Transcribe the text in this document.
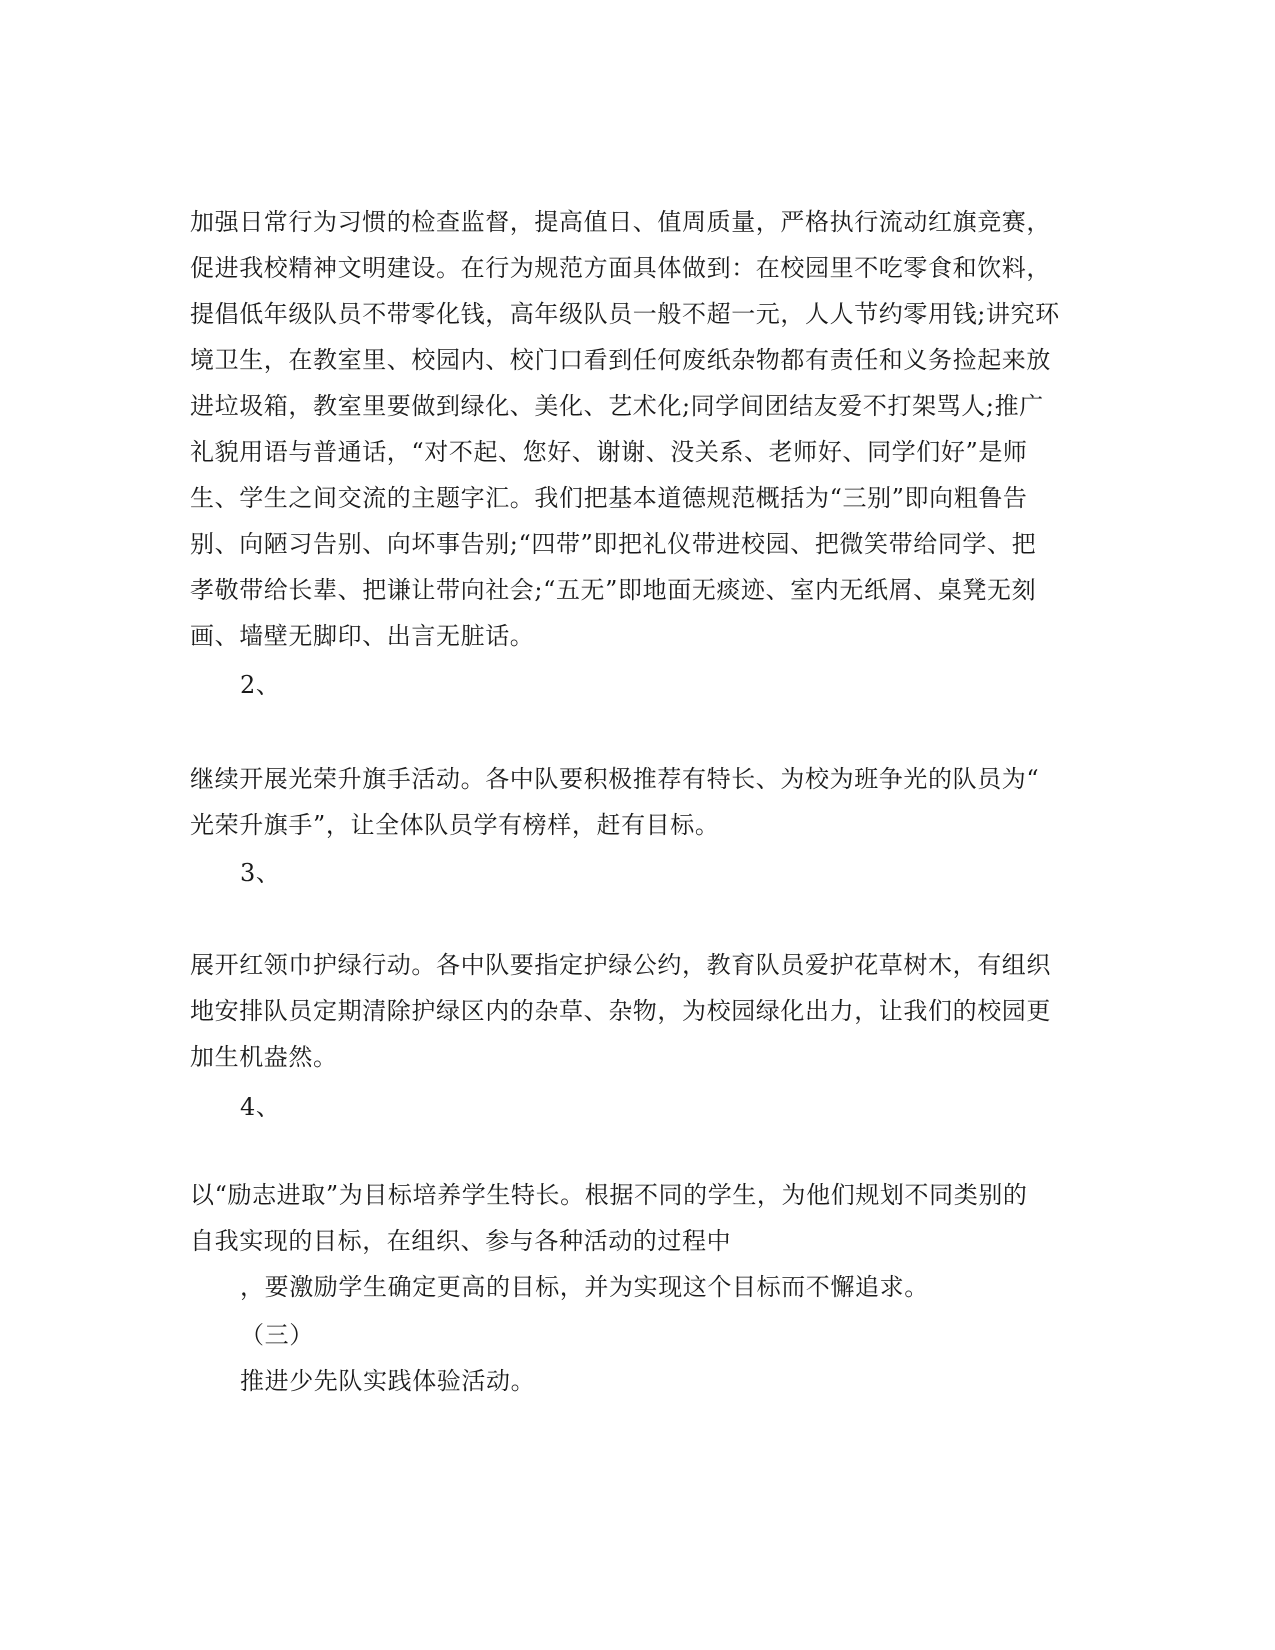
加强日常行为习惯的检查监督，提高值日、值周质量，严格执行流动红旗竞赛，
促进我校精神文明建设。在行为规范方面具体做到：在校园里不吃零食和饮料，
提倡低年级队员不带零化钱，高年级队员一般不超一元，人人节约零用钱;讲究环
境卫生，在教室里、校园内、校门口看到任何废纸杂物都有责任和义务捡起来放
进垃圾箱，教室里要做到绿化、美化、艺术化;同学间团结友爱不打架骂人;推广
礼貌用语与普通话，“对不起、您好、谢谢、没关系、老师好、同学们好”是师
生、学生之间交流的主题字汇。我们把基本道德规范概括为“三别”即向粗鲁告
别、向陋习告别、向坏事告别;“四带”即把礼仪带进校园、把微笑带给同学、把
孝敬带给长辈、把谦让带向社会;“五无”即地面无痰迹、室内无纸屑、桌凳无刻
画、墙壁无脚印、出言无脏话。
2、
继续开展光荣升旗手活动。各中队要积极推荐有特长、为校为班争光的队员为“
光荣升旗手”，让全体队员学有榜样，赶有目标。
3、
展开红领巾护绿行动。各中队要指定护绿公约，教育队员爱护花草树木，有组织
地安排队员定期清除护绿区内的杂草、杂物，为校园绿化出力，让我们的校园更
加生机盎然。
4、
以“励志进取”为目标培养学生特长。根据不同的学生，为他们规划不同类别的
自我实现的目标，在组织、参与各种活动的过程中
，要激励学生确定更高的目标，并为实现这个目标而不懈追求。
（三）
推进少先队实践体验活动。
